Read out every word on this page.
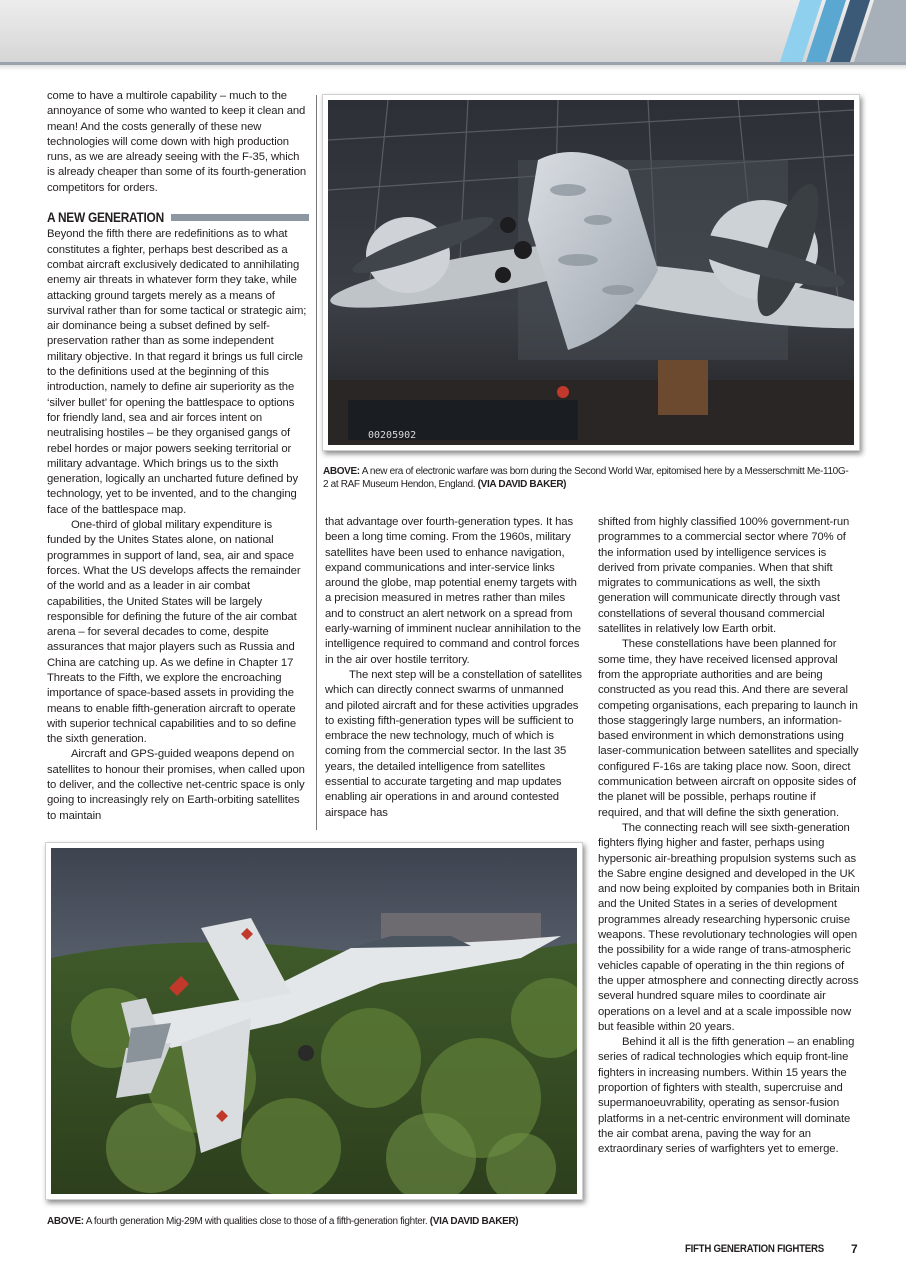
come to have a multirole capability – much to the annoyance of some who wanted to keep it clean and mean! And the costs generally of these new technologies will come down with high production runs, as we are already seeing with the F-35, which is already cheaper than some of its fourth-generation competitors for orders.

A NEW GENERATION

Beyond the fifth there are redefinitions as to what constitutes a fighter, perhaps best described as a combat aircraft exclusively dedicated to annihilating enemy air threats in whatever form they take, while attacking ground targets merely as a means of survival rather than for some tactical or strategic aim; air dominance being a subset defined by self-preservation rather than as some independent military objective. In that regard it brings us full circle to the definitions used at the beginning of this introduction, namely to define air superiority as the ‘silver bullet’ for opening the battlespace to options for friendly land, sea and air forces intent on neutralising hostiles – be they organised gangs of rebel hordes or major powers seeking territorial or military advantage. Which brings us to the sixth generation, logically an uncharted future defined by technology, yet to be invented, and to the changing face of the battlespace map.

One-third of global military expenditure is funded by the Unites States alone, on national programmes in support of land, sea, air and space forces. What the US develops affects the remainder of the world and as a leader in air combat capabilities, the United States will be largely responsible for defining the future of the air combat arena – for several decades to come, despite assurances that major players such as Russia and China are catching up. As we define in Chapter 17 Threats to the Fifth, we explore the encroaching importance of space-based assets in providing the means to enable fifth-generation aircraft to operate with superior technical capabilities and to so define the sixth generation.

Aircraft and GPS-guided weapons depend on satellites to honour their promises, when called upon to deliver, and the collective net-centric space is only going to increasingly rely on Earth-orbiting satellites to maintain

00205902
ABOVE: A new era of electronic warfare was born during the Second World War, epitomised here by a Messerschmitt Me-110G-2 at RAF Museum Hendon, England. (VIA DAVID BAKER)

that advantage over fourth-generation types. It has been a long time coming. From the 1960s, military satellites have been used to enhance navigation, expand communications and inter-service links around the globe, map potential enemy targets with a precision measured in metres rather than miles and to construct an alert network on a spread from early-warning of imminent nuclear annihilation to the intelligence required to command and control forces in the air over hostile territory.

The next step will be a constellation of satellites which can directly connect swarms of unmanned and piloted aircraft and for these activities upgrades to existing fifth-generation types will be sufficient to embrace the new technology, much of which is coming from the commercial sector. In the last 35 years, the detailed intelligence from satellites essential to accurate targeting and map updates enabling air operations in and around contested airspace has

shifted from highly classified 100% government-run programmes to a commercial sector where 70% of the information used by intelligence services is derived from private companies. When that shift migrates to communications as well, the sixth generation will communicate directly through vast constellations of several thousand commercial satellites in relatively low Earth orbit.

These constellations have been planned for some time, they have received licensed approval from the appropriate authorities and are being constructed as you read this. And there are several competing organisations, each preparing to launch in those staggeringly large numbers, an information-based environment in which demonstrations using laser-communication between satellites and specially configured F-16s are taking place now. Soon, direct communication between aircraft on opposite sides of the planet will be possible, perhaps routine if required, and that will define the sixth generation.

The connecting reach will see sixth-generation fighters flying higher and faster, perhaps using hypersonic air-breathing propulsion systems such as the Sabre engine designed and developed in the UK and now being exploited by companies both in Britain and the United States in a series of development programmes already researching hypersonic cruise weapons. These revolutionary technologies will open the possibility for a wide range of trans-atmospheric vehicles capable of operating in the thin regions of the upper atmosphere and connecting directly across several hundred square miles to coordinate air operations on a level and at a scale impossible now but feasible within 20 years.

Behind it all is the fifth generation – an enabling series of radical technologies which equip front-line fighters in increasing numbers. Within 15 years the proportion of fighters with stealth, supercruise and supermanoeuvrability, operating as sensor-fusion platforms in a net-centric environment will dominate the air combat arena, paving the way for an extraordinary series of warfighters yet to emerge.

ABOVE: A fourth generation Mig-29M with qualities close to those of a fifth-generation fighter. (VIA DAVID BAKER)
FIFTH GENERATION FIGHTERS 7
